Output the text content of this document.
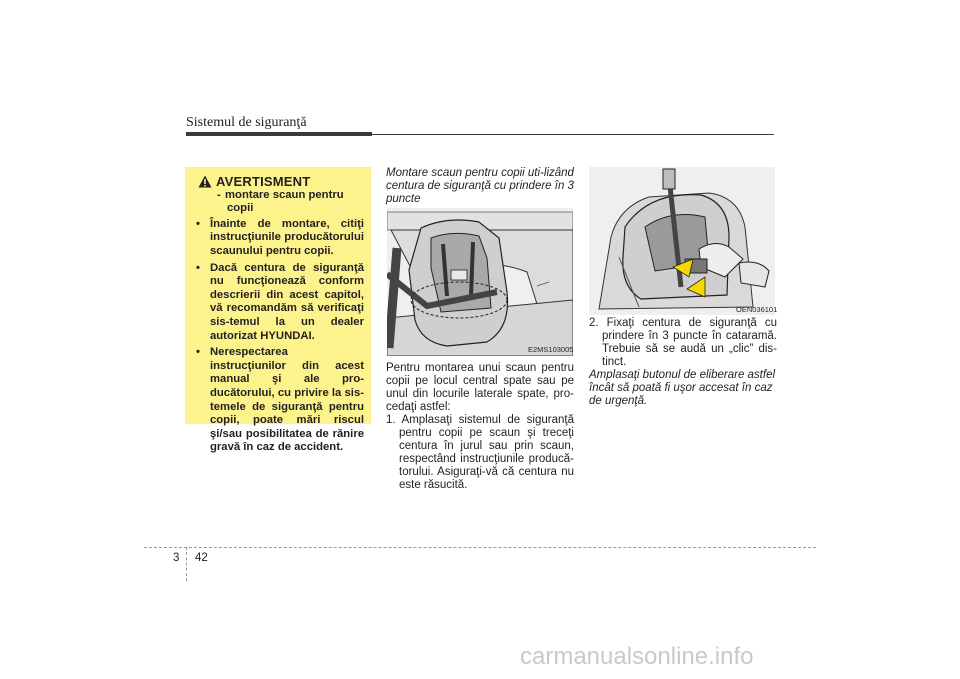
Sistemul de siguranţă
AVERTISMENT
- montare scaun pentru
copii
• Înainte de montare, citiţi instrucţiunile producătorului scaunului pentru copii.
• Dacă centura de siguranţă nu funcţionează conform descrierii din acest capitol, vă recomandăm să verificaţi sis-temul la un dealer autorizat HYUNDAI.
• Nerespectarea instrucţiunilor din acest manual şi ale pro-ducătorului, cu privire la sis-temele de siguranţă pentru copii, poate mări riscul şi/sau posibilitatea de rănire gravă în caz de accident.
Montare scaun pentru copii uti-lizând centura de siguranţă cu prindere în 3 puncte
E2MS103005

Pentru montarea unui scaun pentru copii pe locul central spate sau pe unul din locurile laterale spate, pro-cedaţi astfel:

1. Amplasaţi sistemul de siguranţă pentru copii pe scaun şi treceţi centura în jurul sau prin scaun, respectând instrucţiunile producă-torului. Asiguraţi-vă că centura nu este răsucită.
OEN036101
2. Fixaţi centura de siguranţă cu prindere în 3 puncte în cataramă. Trebuie să se audă un „clic” dis-tinct.

Amplasaţi butonul de eliberare astfel încât să poată fi uşor accesat în caz de urgenţă.

3 42
carmanualsonline.info
